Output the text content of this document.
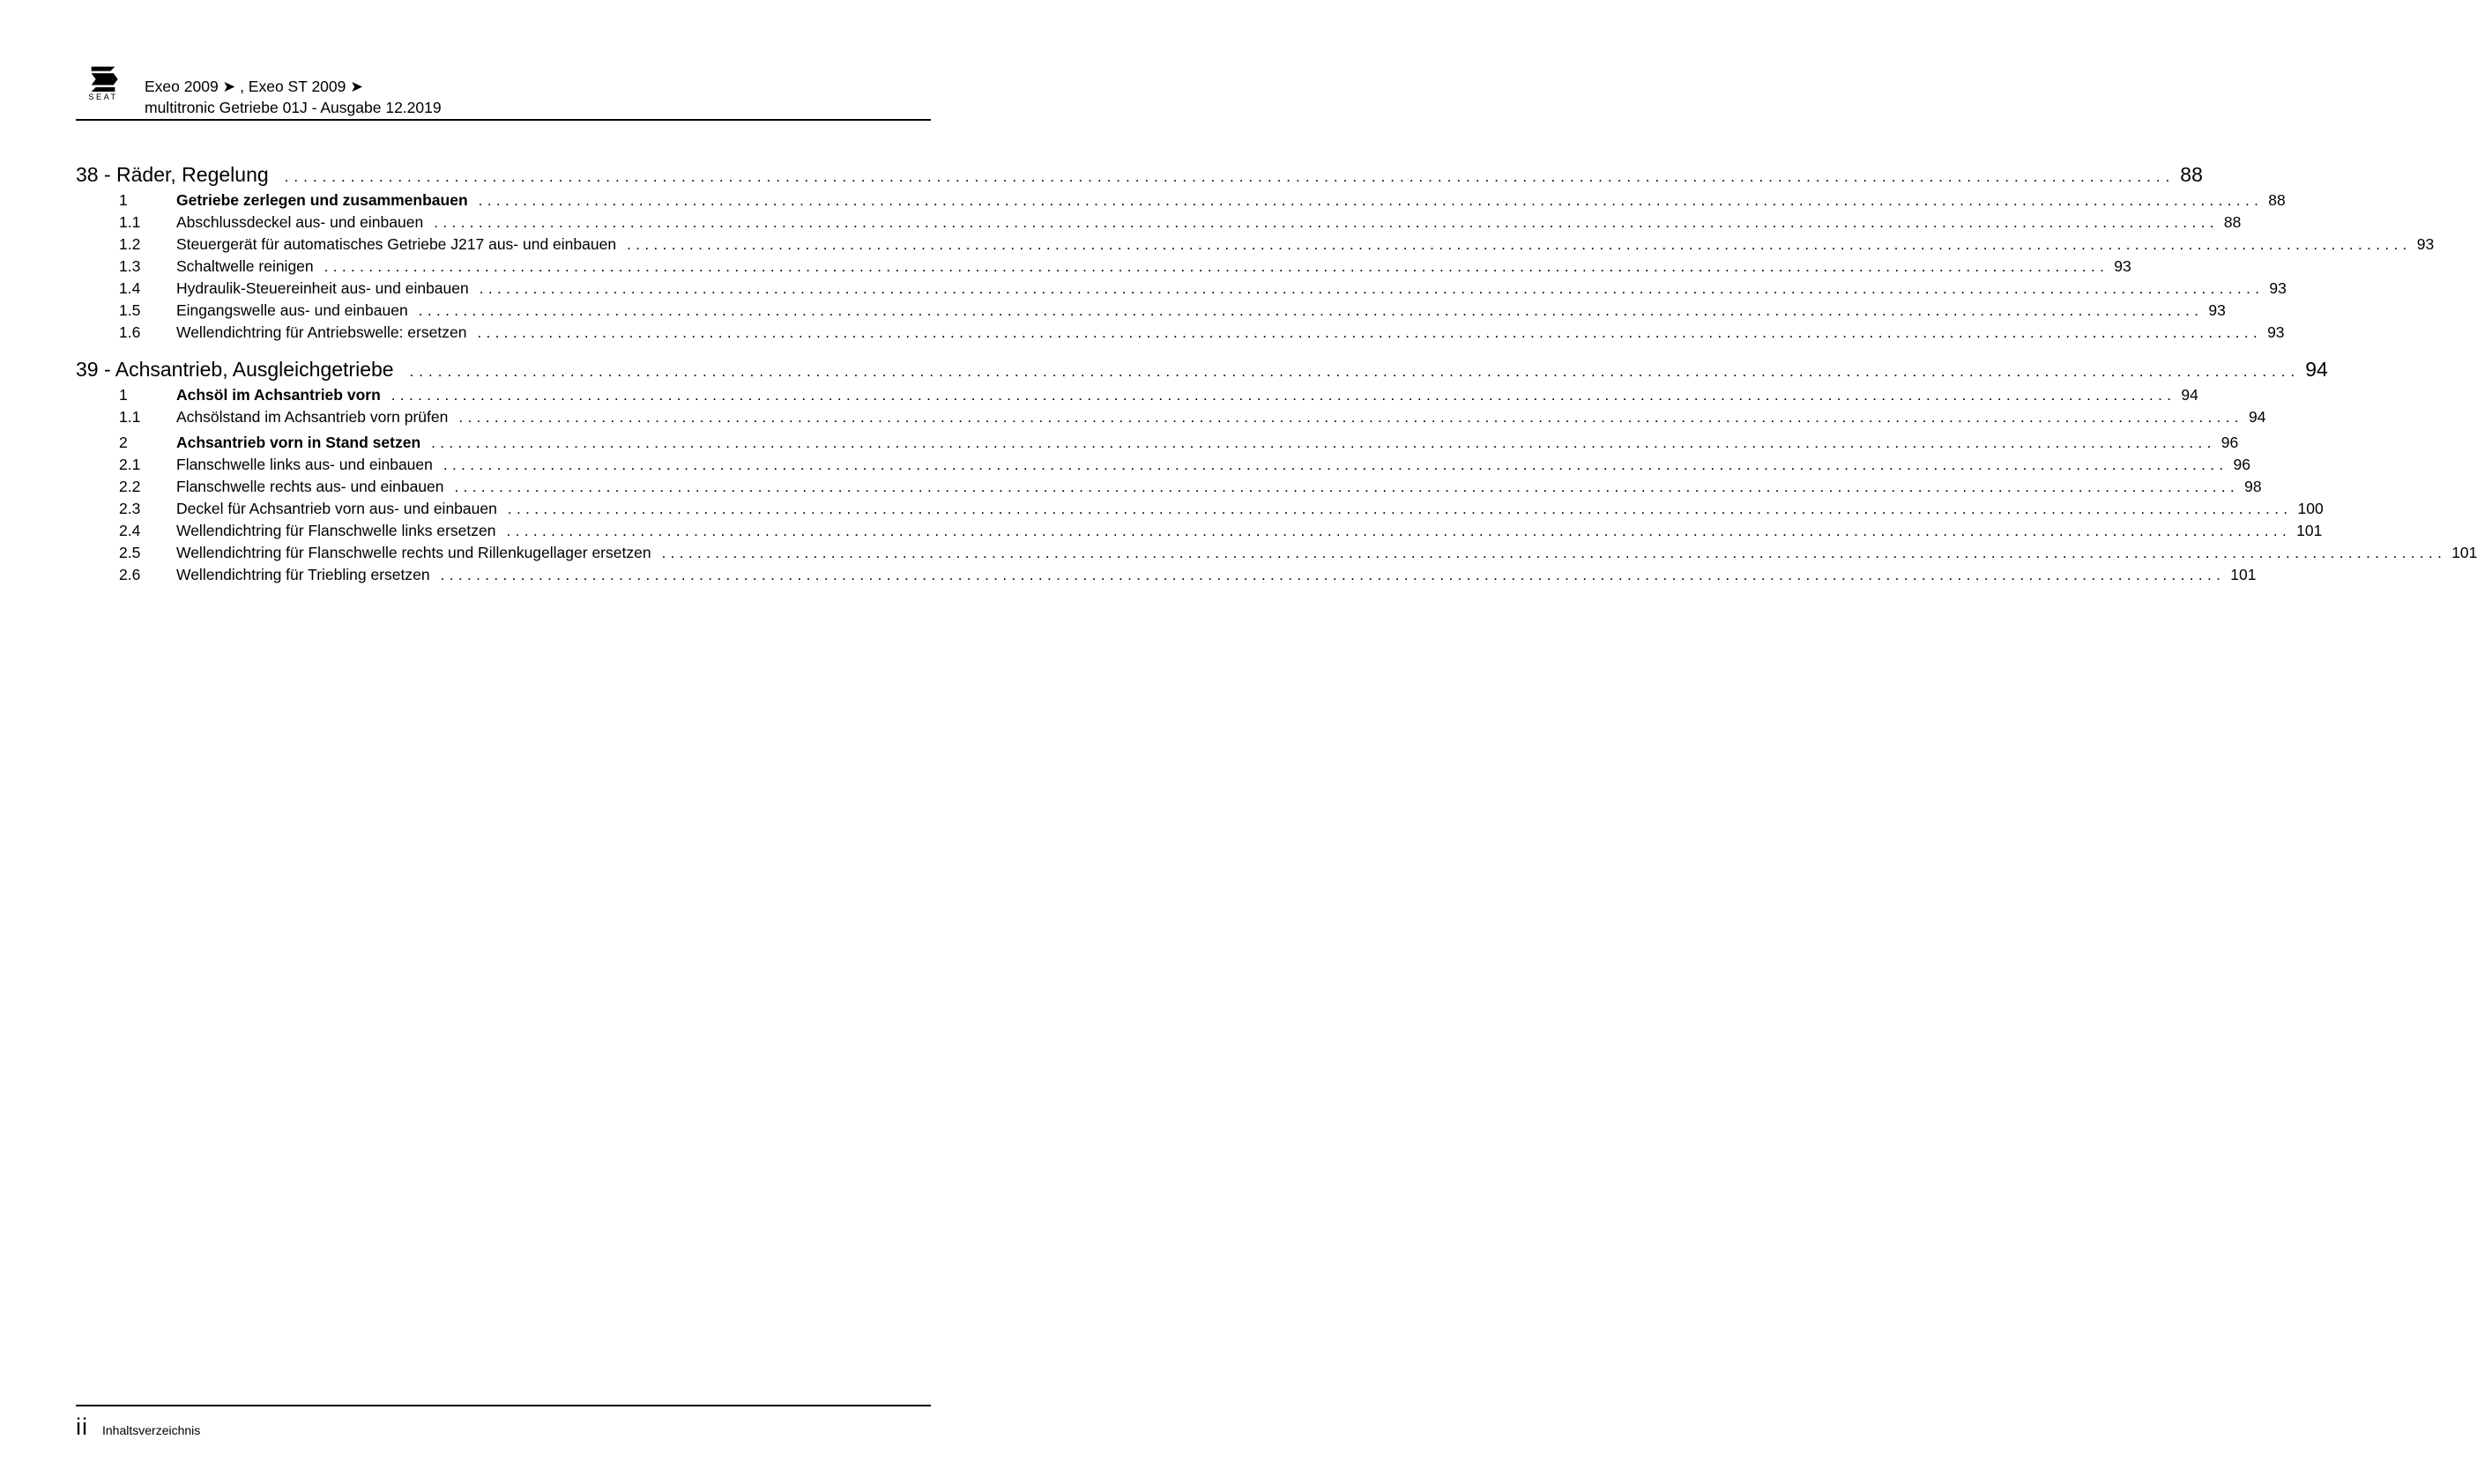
SEAT
Exeo 2009 ➤ , Exeo ST 2009 ➤
multitronic Getriebe 01J - Ausgabe 12.2019
38 - Räder, Regelung	........................................................................................................................................................................................................ 88
1	Getriebe zerlegen und zusammenbauen ........................................................................................................................................................................................................ 88
1.1	Abschlussdeckel aus- und einbauen ........................................................................................................................................................................................................ 88
1.2	Steuergerät für automatisches Getriebe J217 aus- und einbauen ........................................................................................................................................................................................................ 93
1.3	Schaltwelle reinigen ........................................................................................................................................................................................................ 93
1.4	Hydraulik-Steuereinheit aus- und einbauen ........................................................................................................................................................................................................ 93
1.5	Eingangswelle aus- und einbauen ........................................................................................................................................................................................................ 93
1.6	Wellendichtring für Antriebswelle: ersetzen ........................................................................................................................................................................................................ 93
39 - Achsantrieb, Ausgleichgetriebe	........................................................................................................................................................................................................ 94
1	Achsöl im Achsantrieb vorn ........................................................................................................................................................................................................ 94
1.1	Achsölstand im Achsantrieb vorn prüfen ........................................................................................................................................................................................................ 94
2	Achsantrieb vorn in Stand setzen ........................................................................................................................................................................................................ 96
2.1	Flanschwelle links aus- und einbauen ........................................................................................................................................................................................................ 96
2.2	Flanschwelle rechts aus- und einbauen ........................................................................................................................................................................................................ 98
2.3	Deckel für Achsantrieb vorn aus- und einbauen ........................................................................................................................................................................................................ 100
2.4	Wellendichtring für Flanschwelle links ersetzen ........................................................................................................................................................................................................ 101
2.5	Wellendichtring für Flanschwelle rechts und Rillenkugellager ersetzen ........................................................................................................................................................................................................ 101
2.6	Wellendichtring für Triebling ersetzen ........................................................................................................................................................................................................ 101
ii Inhaltsverzeichnis
